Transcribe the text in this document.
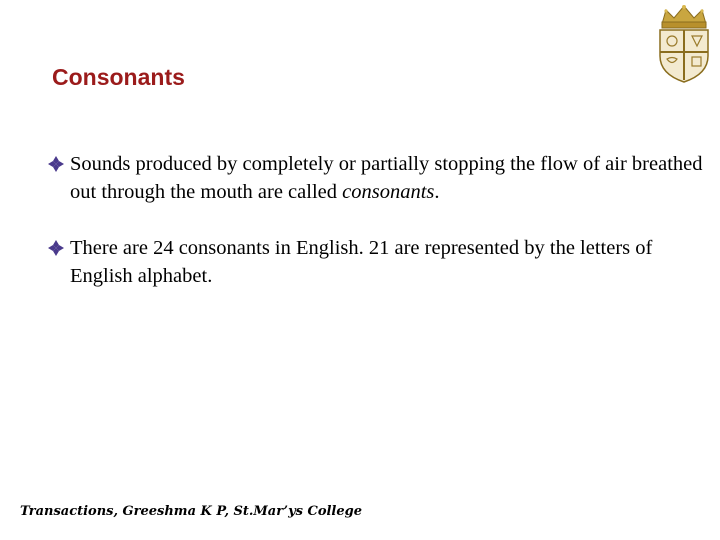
Consonants
Sounds produced by completely or partially stopping the flow of air breathed out through the mouth are called consonants.
There are 24 consonants in English. 21 are represented by the letters of English alphabet.
Transactions, Greeshma K P, St.Mar’ys College
